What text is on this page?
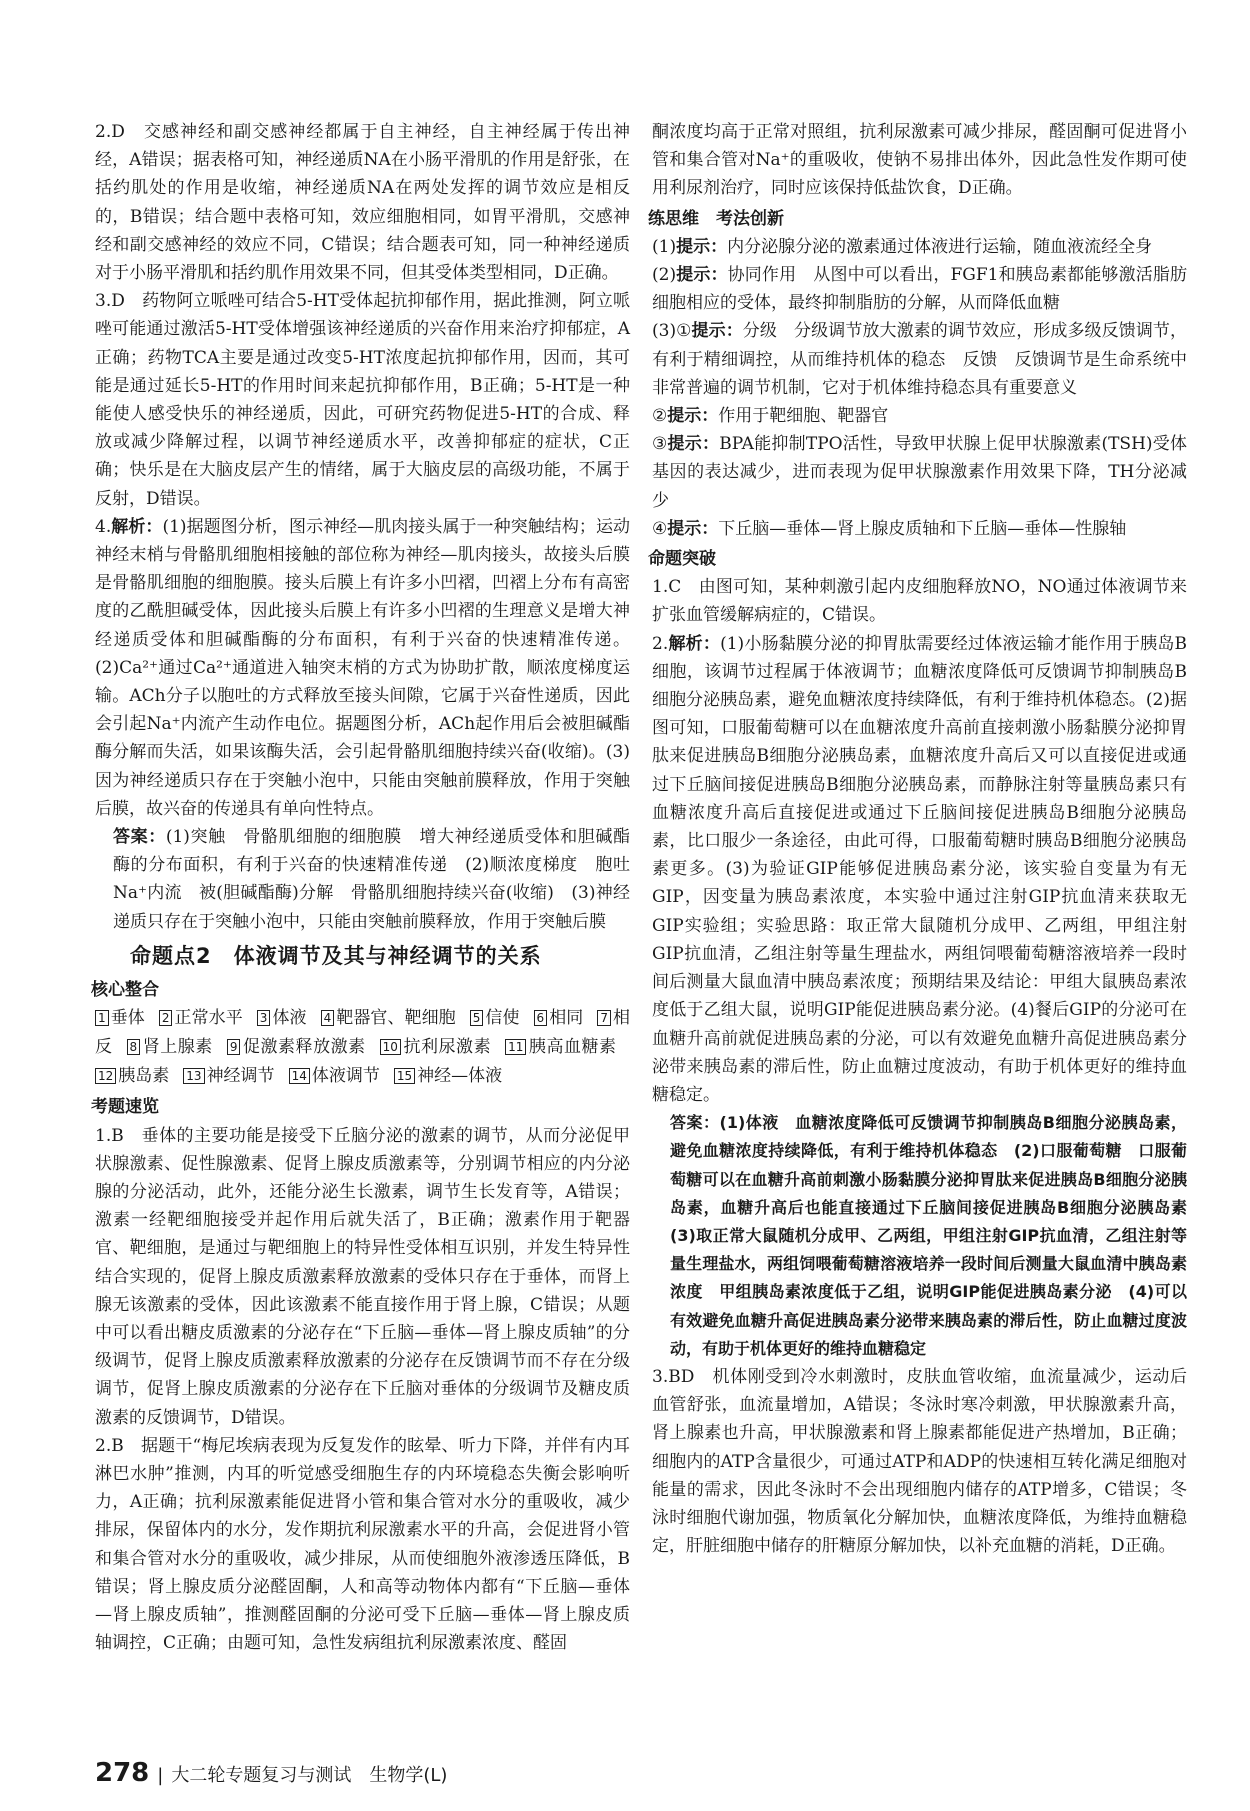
2.D　 交感神经和副交感神经都属于自主神经，自主神经属于传出神经，A错误；据表格可知，神经递质NA在小肠平滑肌的作用是舒张，在括约肌处的作用是收缩，神经递质NA在两处发挥的调节效应是相反的，B错误；结合题中表格可知，效应细胞相同，如胃平滑肌，交感神经和副交感神经的效应不同，C错误；结合题表可知，同一种神经递质对于小肠平滑肌和括约肌作用效果不同，但其受体类型相同，D正确。

3.D　 药物阿立哌唑可结合5-HT受体起抗抑郁作用，据此推测，阿立哌唑可能通过激活5-HT受体增强该神经递质的兴奋作用来治疗抑郁症，A正确；药物TCA主要是通过改变5-HT浓度起抗抑郁作用，因而，其可能是通过延长5-HT的作用时间来起抗抑郁作用，B正确；5-HT是一种能使人感受快乐的神经递质，因此，可研究药物促进5-HT的合成、释放或减少降解过程，以调节神经递质水平，改善抑郁症的症状，C正确；快乐是在大脑皮层产生的情绪，属于大脑皮层的高级功能，不属于反射，D错误。

4.解析：(1)据题图分析，图示神经—肌肉接头属于一种突触结构；运动神经末梢与骨骼肌细胞相接触的部位称为神经—肌肉接头，故接头后膜是骨骼肌细胞的细胞膜。接头后膜上有许多小凹褶，凹褶上分布有高密度的乙酰胆碱受体，因此接头后膜上有许多小凹褶的生理意义是增大神经递质受体和胆碱酯酶的分布面积，有利于兴奋的快速精准传递。(2)Ca²⁺通过Ca²⁺通道进入轴突末梢的方式为协助扩散，顺浓度梯度运输。ACh分子以胞吐的方式释放至接头间隙，它属于兴奋性递质，因此会引起Na⁺内流产生动作电位。据题图分析，ACh起作用后会被胆碱酯酶分解而失活，如果该酶失活，会引起骨骼肌细胞持续兴奋(收缩)。(3)因为神经递质只存在于突触小泡中，只能由突触前膜释放，作用于突触后膜，故兴奋的传递具有单向性特点。

答案：(1)突触　骨骼肌细胞的细胞膜　增大神经递质受体和胆碱酯酶的分布面积，有利于兴奋的快速精准传递　(2)顺浓度梯度　胞吐　Na⁺内流　被(胆碱酯酶)分解　骨骼肌细胞持续兴奋(收缩)　(3)神经递质只存在于突触小泡中，只能由突触前膜释放，作用于突触后膜

命题点2　体液调节及其与神经调节的关系
核心整合
1 垂体 2 正常水平 3 体液 4 靶器官、靶细胞 5 信使 6 相同 7 相反 8 肾上腺素 9 促激素释放激素 10 抗利尿激素 11 胰高血糖素12 胰岛素 13 神经调节 14 体液调节 15 神经—体液
考题速览

1.B　 垂体的主要功能是接受下丘脑分泌的激素的调节，从而分泌促甲状腺激素、促性腺激素、促肾上腺皮质激素等，分别调节相应的内分泌腺的分泌活动，此外，还能分泌生长激素，调节生长发育等，A错误；激素一经靶细胞接受并起作用后就失活了，B正确；激素作用于靶器官、靶细胞，是通过与靶细胞上的特异性受体相互识别，并发生特异性结合实现的，促肾上腺皮质激素释放激素的受体只存在于垂体，而肾上腺无该激素的受体，因此该激素不能直接作用于肾上腺，C错误；从题中可以看出糖皮质激素的分泌存在“下丘脑—垂体—肾上腺皮质轴”的分级调节，促肾上腺皮质激素释放激素的分泌存在反馈调节而不存在分级调节，促肾上腺皮质激素的分泌存在下丘脑对垂体的分级调节及糖皮质激素的反馈调节，D错误。

2.B　 据题干“梅尼埃病表现为反复发作的眩晕、听力下降，并伴有内耳淋巴水肿”推测，内耳的听觉感受细胞生存的内环境稳态失衡会影响听力，A正确；抗利尿激素能促进肾小管和集合管对水分的重吸收，减少排尿，保留体内的水分，发作期抗利尿激素水平的升高，会促进肾小管和集合管对水分的重吸收，减少排尿，从而使细胞外液渗透压降低，B错误；肾上腺皮质分泌醛固酮，人和高等动物体内都有“下丘脑—垂体—肾上腺皮质轴”，推测醛固酮的分泌可受下丘脑—垂体—肾上腺皮质轴调控，C正确；由题可知，急性发病组抗利尿激素浓度、醛固

酮浓度均高于正常对照组，抗利尿激素可减少排尿，醛固酮可促进肾小管和集合管对Na⁺的重吸收，使钠不易排出体外，因此急性发作期可使用利尿剂治疗，同时应该保持低盐饮食，D正确。

练思维　考法创新

(1)提示：内分泌腺分泌的激素通过体液进行运输，随血液流经全身

(2)提示：协同作用　从图中可以看出，FGF1和胰岛素都能够激活脂肪细胞相应的受体，最终抑制脂肪的分解，从而降低血糖

(3)①提示：分级　分级调节放大激素的调节效应，形成多级反馈调节，有利于精细调控，从而维持机体的稳态　反馈　反馈调节是生命系统中非常普遍的调节机制，它对于机体维持稳态具有重要意义

②提示：作用于靶细胞、靶器官

③提示：BPA能抑制TPO活性，导致甲状腺上促甲状腺激素(TSH)受体基因的表达减少，进而表现为促甲状腺激素作用效果下降，TH分泌减少

④提示：下丘脑—垂体—肾上腺皮质轴和下丘脑—垂体—性腺轴

命题突破

1.C　 由图可知，某种刺激引起内皮细胞释放NO，NO通过体液调节来扩张血管缓解病症的，C错误。

2.解析：(1)小肠黏膜分泌的抑胃肽需要经过体液运输才能作用于胰岛B细胞，该调节过程属于体液调节；血糖浓度降低可反馈调节抑制胰岛B细胞分泌胰岛素，避免血糖浓度持续降低，有利于维持机体稳态。(2)据图可知，口服葡萄糖可以在血糖浓度升高前直接刺激小肠黏膜分泌抑胃肽来促进胰岛B细胞分泌胰岛素，血糖浓度升高后又可以直接促进或通过下丘脑间接促进胰岛B细胞分泌胰岛素，而静脉注射等量胰岛素只有血糖浓度升高后直接促进或通过下丘脑间接促进胰岛B细胞分泌胰岛素，比口服少一条途径，由此可得，口服葡萄糖时胰岛B细胞分泌胰岛素更多。(3)为验证GIP能够促进胰岛素分泌，该实验自变量为有无GIP，因变量为胰岛素浓度，本实验中通过注射GIP抗血清来获取无GIP实验组；实验思路：取正常大鼠随机分成甲、乙两组，甲组注射GIP抗血清，乙组注射等量生理盐水，两组饲喂葡萄糖溶液培养一段时间后测量大鼠血清中胰岛素浓度；预期结果及结论：甲组大鼠胰岛素浓度低于乙组大鼠，说明GIP能促进胰岛素分泌。(4)餐后GIP的分泌可在血糖升高前就促进胰岛素的分泌，可以有效避免血糖升高促进胰岛素分泌带来胰岛素的滞后性，防止血糖过度波动，有助于机体更好的维持血糖稳定。

答案：(1)体液　血糖浓度降低可反馈调节抑制胰岛B细胞分泌胰岛素，避免血糖浓度持续降低，有利于维持机体稳态　(2)口服葡萄糖　口服葡萄糖可以在血糖升高前刺激小肠黏膜分泌抑胃肽来促进胰岛B细胞分泌胰岛素，血糖升高后也能直接通过下丘脑间接促进胰岛B细胞分泌胰岛素　(3)取正常大鼠随机分成甲、乙两组，甲组注射GIP抗血清，乙组注射等量生理盐水，两组饲喂葡萄糖溶液培养一段时间后测量大鼠血清中胰岛素浓度　甲组胰岛素浓度低于乙组，说明GIP能促进胰岛素分泌　(4)可以有效避免血糖升高促进胰岛素分泌带来胰岛素的滞后性，防止血糖过度波动，有助于机体更好的维持血糖稳定

3.BD　 机体刚受到冷水刺激时，皮肤血管收缩，血流量减少，运动后血管舒张，血流量增加，A错误；冬泳时寒冷刺激，甲状腺激素升高，肾上腺素也升高，甲状腺激素和肾上腺素都能促进产热增加，B正确；细胞内的ATP含量很少，可通过ATP和ADP的快速相互转化满足细胞对能量的需求，因此冬泳时不会出现细胞内储存的ATP增多，C错误；冬泳时细胞代谢加强，物质氧化分解加快，血糖浓度降低，为维持血糖稳定，肝脏细胞中储存的肝糖原分解加快，以补充血糖的消耗，D正确。

278 | 大二轮专题复习与测试　 生物学(L)
